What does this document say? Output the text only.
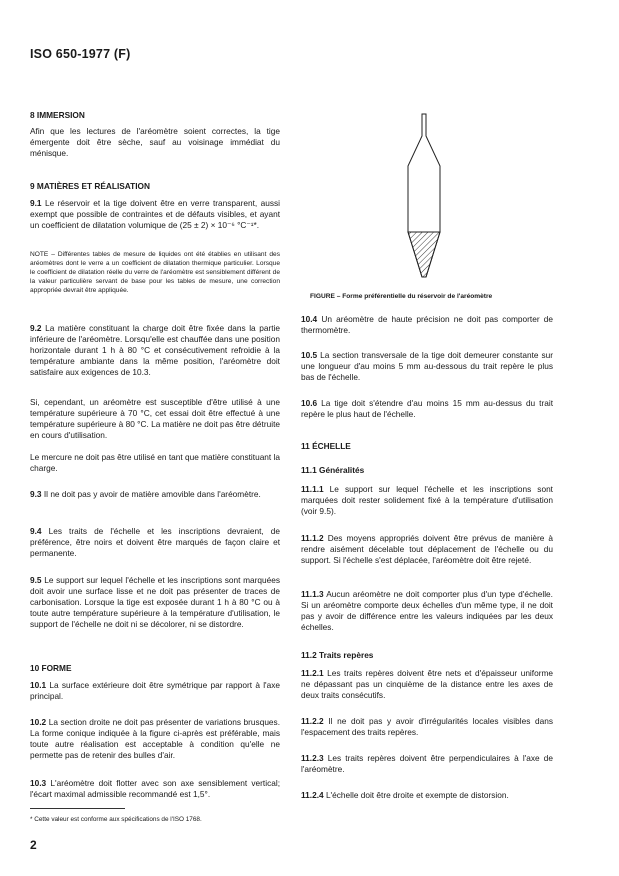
ISO 650-1977 (F)
8 IMMERSION

Afin que les lectures de l'aréomètre soient correctes, la tige émergente doit être sèche, sauf au voisinage immédiat du ménisque.

9 MATIÈRES ET RÉALISATION

9.1 Le réservoir et la tige doivent être en verre transparent, aussi exempt que possible de contraintes et de défauts visibles, et ayant un coefficient de dilatation volumique de (25 ± 2) × 10⁻⁶ °C⁻¹*.

NOTE – Différentes tables de mesure de liquides ont été établies en utilisant des aréomètres dont le verre a un coefficient de dilatation thermique particulier. Lorsque le coefficient de dilatation réelle du verre de l'aréomètre est sensiblement différent de la valeur particulière servant de base pour les tables de mesure, une correction appropriée devrait être appliquée.

9.2 La matière constituant la charge doit être fixée dans la partie inférieure de l'aréomètre. Lorsqu'elle est chauffée dans une position horizontale durant 1 h à 80 °C et consécutivement refroidie à la température ambiante dans la même position, l'aréomètre doit satisfaire aux exigences de 10.3.

Si, cependant, un aréomètre est susceptible d'être utilisé à une température supérieure à 70 °C, cet essai doit être effectué à une température supérieure à 80 °C. La matière ne doit pas être détruite en cours d'utilisation.

Le mercure ne doit pas être utilisé en tant que matière constituant la charge.

9.3 Il ne doit pas y avoir de matière amovible dans l'aréomètre.

9.4 Les traits de l'échelle et les inscriptions devraient, de préférence, être noirs et doivent être marqués de façon claire et permanente.

9.5 Le support sur lequel l'échelle et les inscriptions sont marquées doit avoir une surface lisse et ne doit pas présenter de traces de carbonisation. Lorsque la tige est exposée durant 1 h à 80 °C ou à toute autre température supérieure à la température d'utilisation, le support de l'échelle ne doit ni se décolorer, ni se distordre.

10 FORME

10.1 La surface extérieure doit être symétrique par rapport à l'axe principal.

10.2 La section droite ne doit pas présenter de variations brusques. La forme conique indiquée à la figure ci-après est préférable, mais toute autre réalisation est acceptable à condition qu'elle ne permette pas de retenir des bulles d'air.

10.3 L'aréomètre doit flotter avec son axe sensiblement vertical; l'écart maximal admissible recommandé est 1,5°.

10.4 Un aréomètre de haute précision ne doit pas comporter de thermomètre.

10.5 La section transversale de la tige doit demeurer constante sur une longueur d'au moins 5 mm au-dessous du trait repère le plus bas de l'échelle.

10.6 La tige doit s'étendre d'au moins 15 mm au-dessus du trait repère le plus haut de l'échelle.

11 ÉCHELLE
11.1 Généralités

11.1.1 Le support sur lequel l'échelle et les inscriptions sont marquées doit rester solidement fixé à la température d'utilisation (voir 9.5).

11.1.2 Des moyens appropriés doivent être prévus de manière à rendre aisément décelable tout déplacement de l'échelle ou du support. Si l'échelle s'est déplacée, l'aréomètre doit être rejeté.

11.1.3 Aucun aréomètre ne doit comporter plus d'un type d'échelle. Si un aréomètre comporte deux échelles d'un même type, il ne doit pas y avoir de différence entre les valeurs indiquées par les deux échelles.

11.2 Traits repères

11.2.1 Les traits repères doivent être nets et d'épaisseur uniforme ne dépassant pas un cinquième de la distance entre les axes de deux traits consécutifs.

11.2.2 Il ne doit pas y avoir d'irrégularités locales visibles dans l'espacement des traits repères.

11.2.3 Les traits repères doivent être perpendiculaires à l'axe de l'aréomètre.

11.2.4 L'échelle doit être droite et exempte de distorsion.

FIGURE – Forme préférentielle du réservoir de l'aréomètre
* Cette valeur est conforme aux spécifications de l'ISO 1768.
2
